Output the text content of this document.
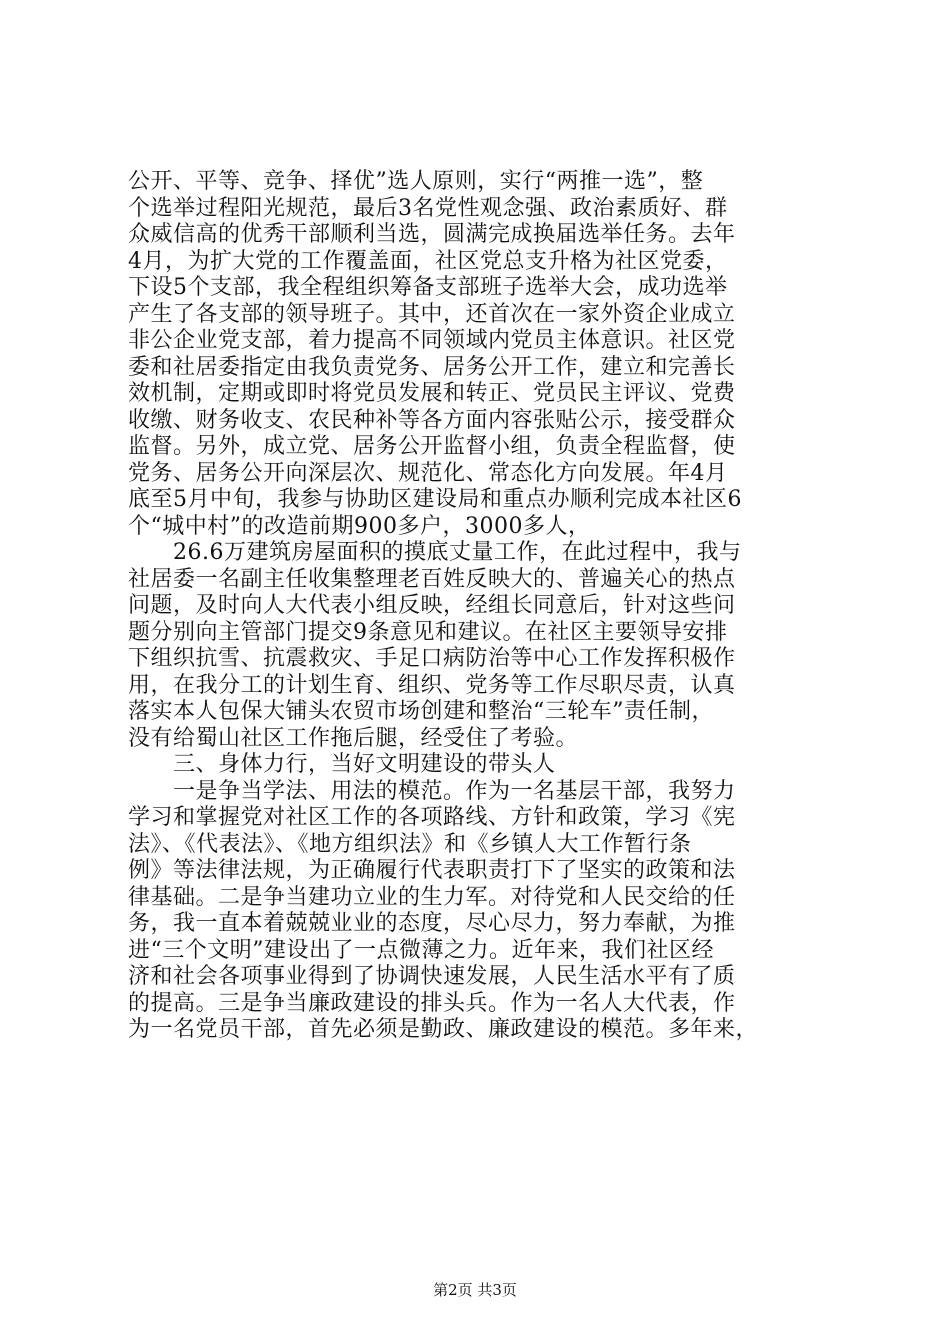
公开、平等、竞争、择优”选人原则，实行“两推一选”，整
个选举过程阳光规范，最后3名党性观念强、政治素质好、群
众威信高的优秀干部顺利当选，圆满完成换届选举任务。去年
4月，为扩大党的工作覆盖面，社区党总支升格为社区党委，
下设5个支部，我全程组织筹备支部班子选举大会，成功选举
产生了各支部的领导班子。其中，还首次在一家外资企业成立
非公企业党支部，着力提高不同领域内党员主体意识。社区党
委和社居委指定由我负责党务、居务公开工作，建立和完善长
效机制，定期或即时将党员发展和转正、党员民主评议、党费
收缴、财务收支、农民种补等各方面内容张贴公示，接受群众
监督。另外，成立党、居务公开监督小组，负责全程监督，使
党务、居务公开向深层次、规范化、常态化方向发展。年4月
底至5月中旬，我参与协助区建设局和重点办顺利完成本社区6
个“城中村”的改造前期900多户，3000多人，
　　26.6万建筑房屋面积的摸底丈量工作，在此过程中，我与
社居委一名副主任收集整理老百姓反映大的、普遍关心的热点
问题，及时向人大代表小组反映，经组长同意后，针对这些问
题分别向主管部门提交9条意见和建议。在社区主要领导安排
下组织抗雪、抗震救灾、手足口病防治等中心工作发挥积极作
用，在我分工的计划生育、组织、党务等工作尽职尽责，认真
落实本人包保大铺头农贸市场创建和整治“三轮车”责任制，
没有给蜀山社区工作拖后腿，经受住了考验。
　　三、身体力行，当好文明建设的带头人
　　一是争当学法、用法的模范。作为一名基层干部，我努力
学习和掌握党对社区工作的各项路线、方针和政策，学习《宪
法》、《代表法》、《地方组织法》和《乡镇人大工作暂行条
例》等法律法规，为正确履行代表职责打下了坚实的政策和法
律基础。二是争当建功立业的生力军。对待党和人民交给的任
务，我一直本着兢兢业业的态度，尽心尽力，努力奉献，为推
进“三个文明”建设出了一点微薄之力。近年来，我们社区经
济和社会各项事业得到了协调快速发展，人民生活水平有了质
的提高。三是争当廉政建设的排头兵。作为一名人大代表，作
为一名党员干部，首先必须是勤政、廉政建设的模范。多年来，
第2页 共3页
